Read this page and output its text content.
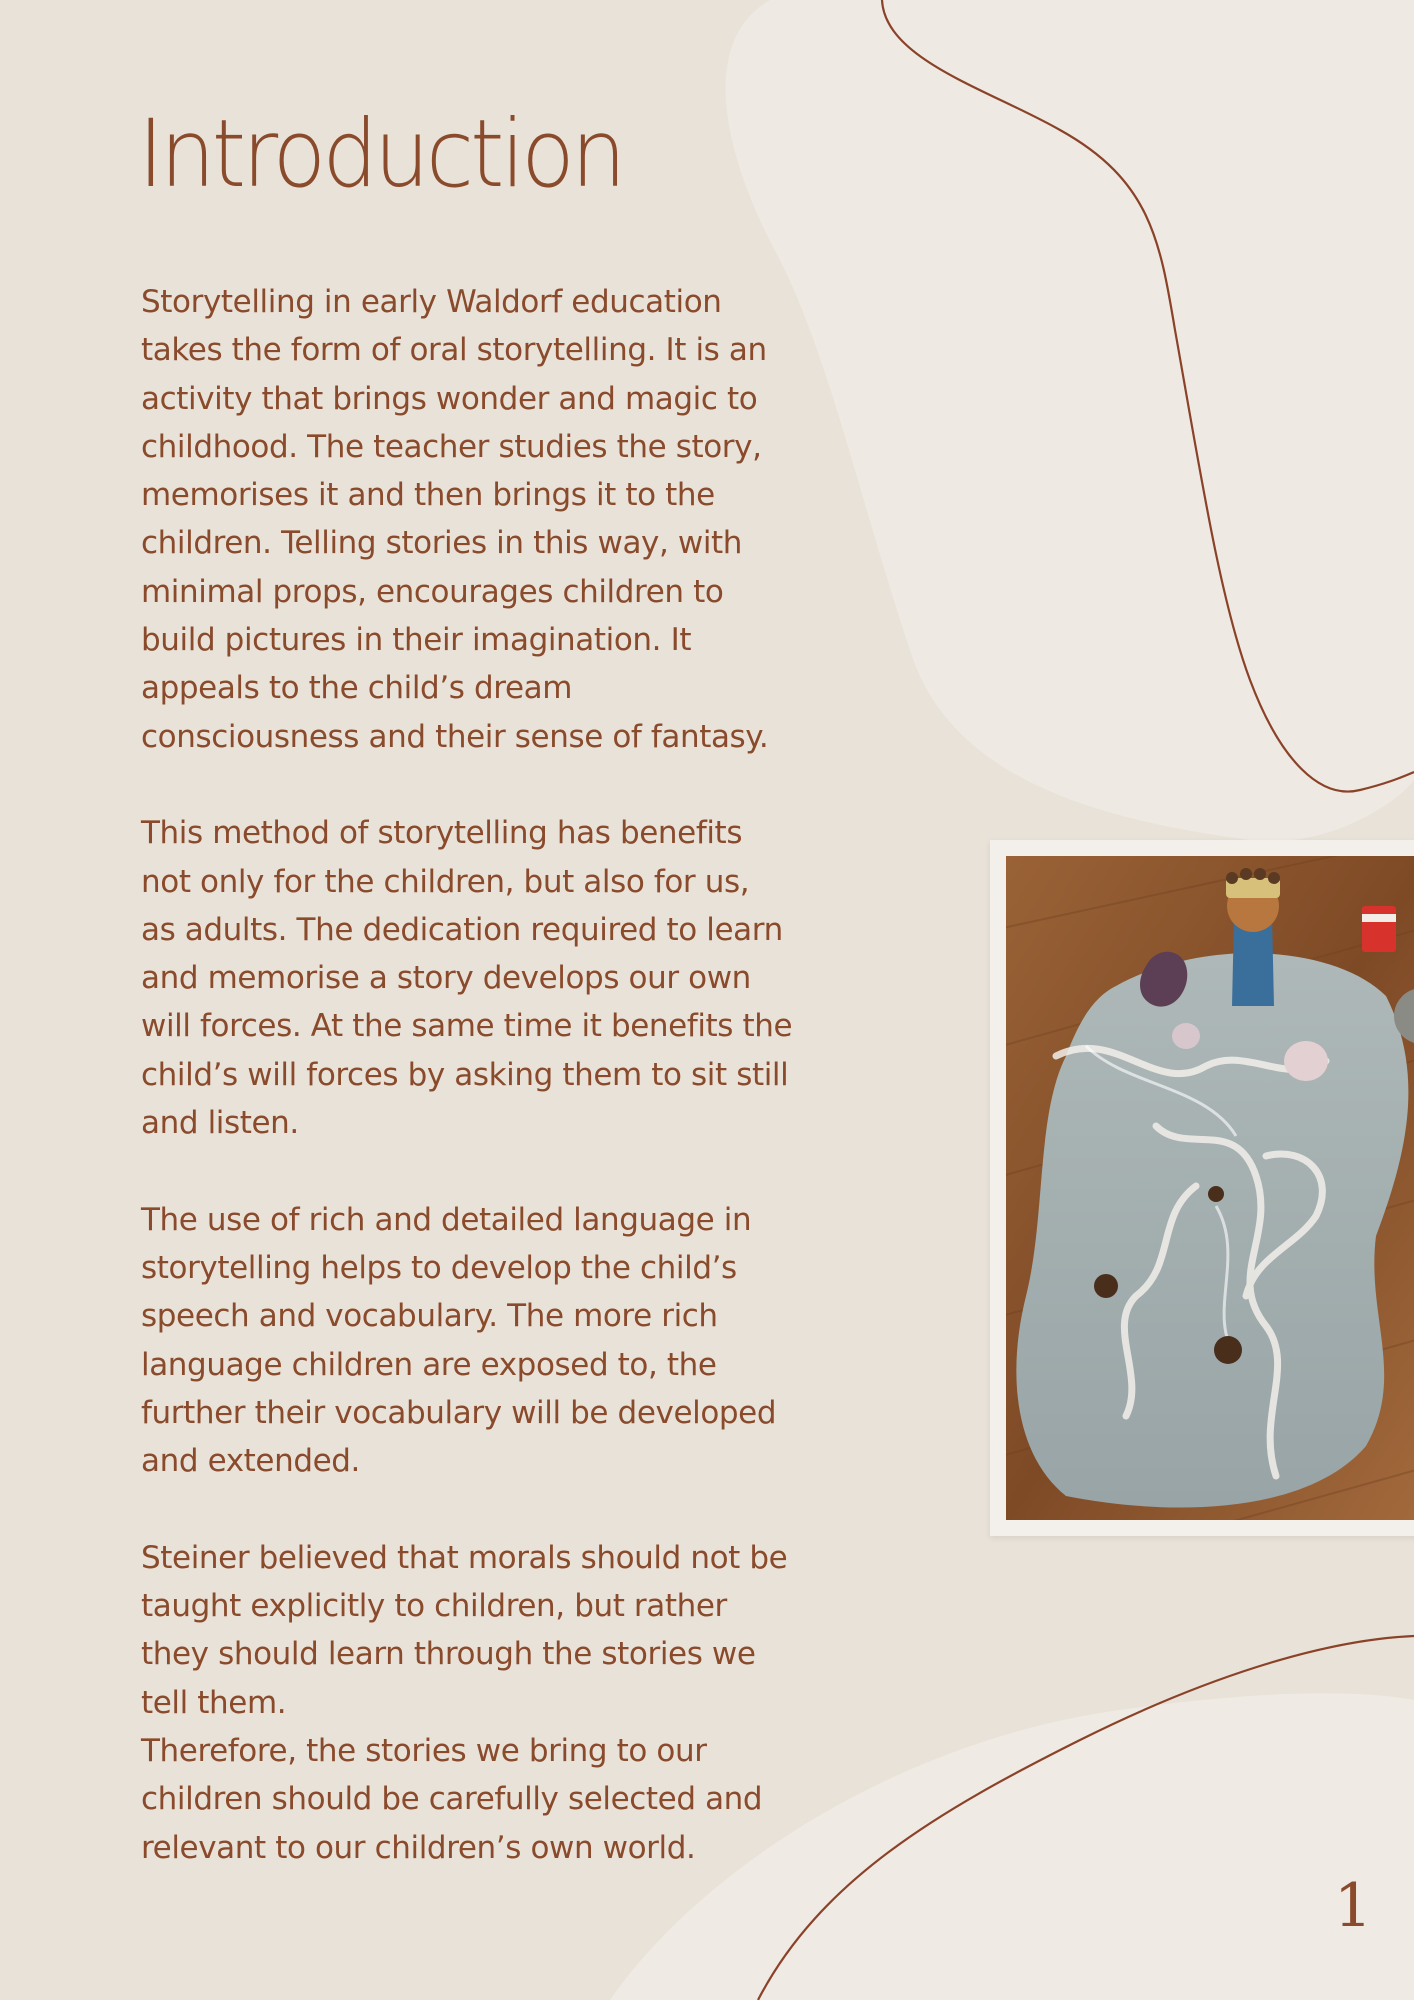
Introduction

Storytelling in early Waldorf education
takes the form of oral storytelling. It is an
activity that brings wonder and magic to
childhood. The teacher studies the story,
memorises it and then brings it to the
children. Telling stories in this way, with
minimal props, encourages children to
build pictures in their imagination. It
appeals to the child’s dream
consciousness and their sense of fantasy.

This method of storytelling has benefits
not only for the children, but also for us,
as adults. The dedication required to learn
and memorise a story develops our own
will forces. At the same time it benefits the
child’s will forces by asking them to sit still
and listen.

The use of rich and detailed language in
storytelling helps to develop the child’s
speech and vocabulary. The more rich
language children are exposed to, the
further their vocabulary will be developed
and extended.

Steiner believed that morals should not be
taught explicitly to children, but rather
they should learn through the stories we
tell them.

Therefore, the stories we bring to our
children should be carefully selected and
relevant to our children’s own world.

1
